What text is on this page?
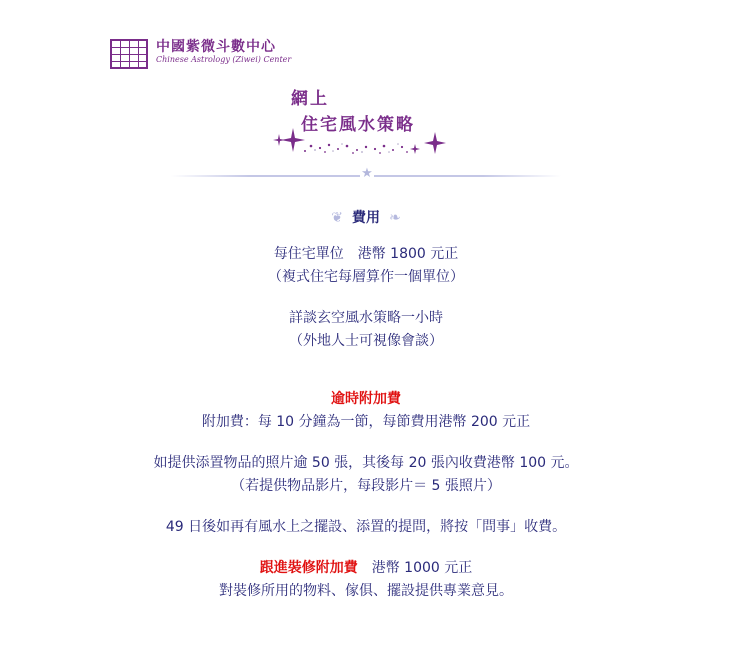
中國紫微斗數中心
Chinese Astrology (Ziwei) Center
網上
住宅風水策略
★

❦ 費用 ❧

每住宅單位　港幣 1800 元正

（複式住宅每層算作一個單位）

詳談玄空風水策略一小時

（外地人士可視像會談）

逾時附加費

附加費：每 10 分鐘為一節，每節費用港幣 200 元正

如提供添置物品的照片逾 50 張，其後每 20 張內收費港幣 100 元。

（若提供物品影片，每段影片＝ 5 張照片）

49 日後如再有風水上之擺設、添置的提問，將按「問事」收費。

跟進裝修附加費　港幣 1000 元正

對裝修所用的物料、傢俱、擺設提供專業意見。
